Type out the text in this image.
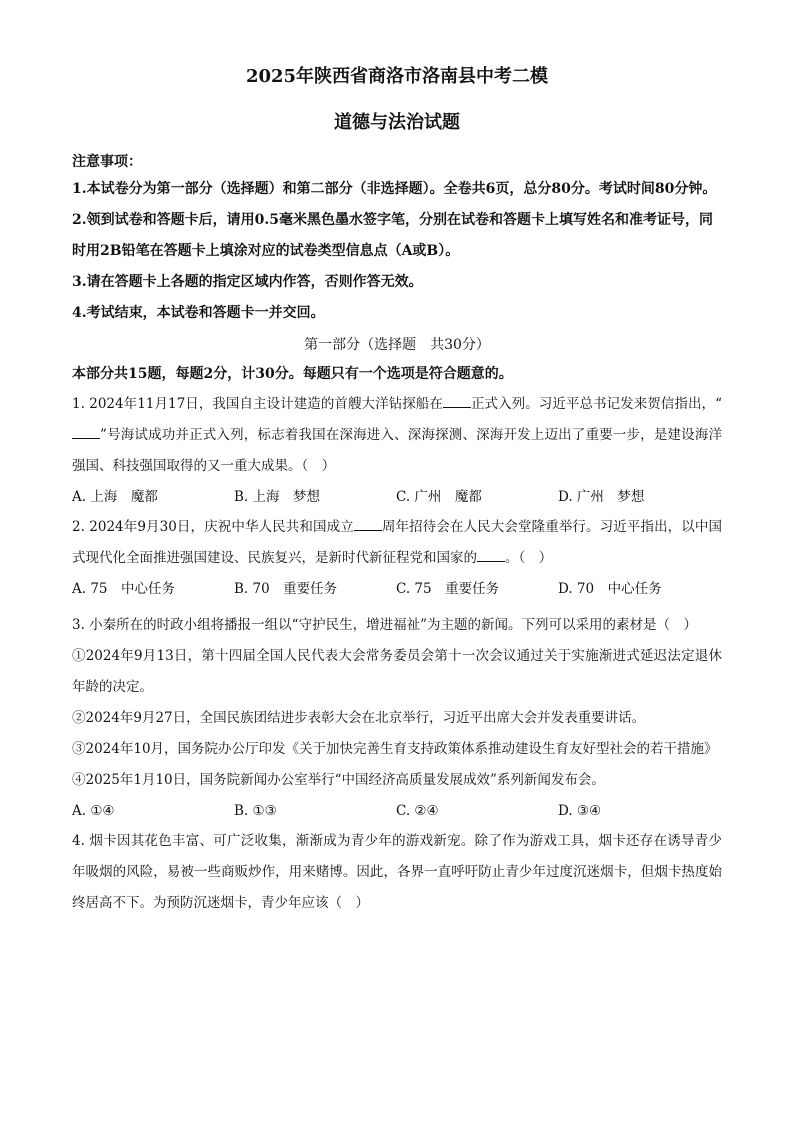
2025年陕西省商洛市洛南县中考二模

道德与法治试题

注意事项：

1.本试卷分为第一部分（选择题）和第二部分（非选择题）。全卷共6页，总分80分。考试时间80分钟。

2.领到试卷和答题卡后，请用0.5毫米黑色墨水签字笔，分别在试卷和答题卡上填写姓名和准考证号，同时用2B铅笔在答题卡上填涂对应的试卷类型信息点（A或B）。

3.请在答题卡上各题的指定区域内作答，否则作答无效。

4.考试结束，本试卷和答题卡一并交回。

第一部分（选择题　共30分）

本部分共15题，每题2分，计30分。每题只有一个选项是符合题意的。

1. 2024年11月17日，我国自主设计建造的首艘大洋钻探船在 正式入列。习近平总书记发来贺信指出，“”号海试成功并正式入列，标志着我国在深海进入、深海探测、深海开发上迈出了重要一步，是建设海洋强国、科技强国取得的又一重大成果。（　）

A. 上海　魔都	B. 上海　梦想	C. 广州　魔都	D. 广州　梦想

2. 2024年9月30日，庆祝中华人民共和国成立 周年招待会在人民大会堂隆重举行。习近平指出，以中国式现代化全面推进强国建设、民族复兴，是新时代新征程党和国家的 。（　）

A. 75　中心任务	B. 70　重要任务	C. 75　重要任务	D. 70　中心任务

3. 小秦所在的时政小组将播报一组以“守护民生，增进福祉”为主题的新闻。下列可以采用的素材是（　）

①2024年9月13日，第十四届全国人民代表大会常务委员会第十一次会议通过关于实施渐进式延迟法定退休年龄的决定。

②2024年9月27日，全国民族团结进步表彰大会在北京举行，习近平出席大会并发表重要讲话。

③2024年10月，国务院办公厅印发《关于加快完善生育支持政策体系推动建设生育友好型社会的若干措施》

④2025年1月10日，国务院新闻办公室举行“中国经济高质量发展成效”系列新闻发布会。

A. ①④	B. ①③	C. ②④	D. ③④

4. 烟卡因其花色丰富、可广泛收集，渐渐成为青少年的游戏新宠。除了作为游戏工具，烟卡还存在诱导青少年吸烟的风险，易被一些商贩炒作，用来赌博。因此，各界一直呼吁防止青少年过度沉迷烟卡，但烟卡热度始终居高不下。为预防沉迷烟卡，青少年应该（　）
